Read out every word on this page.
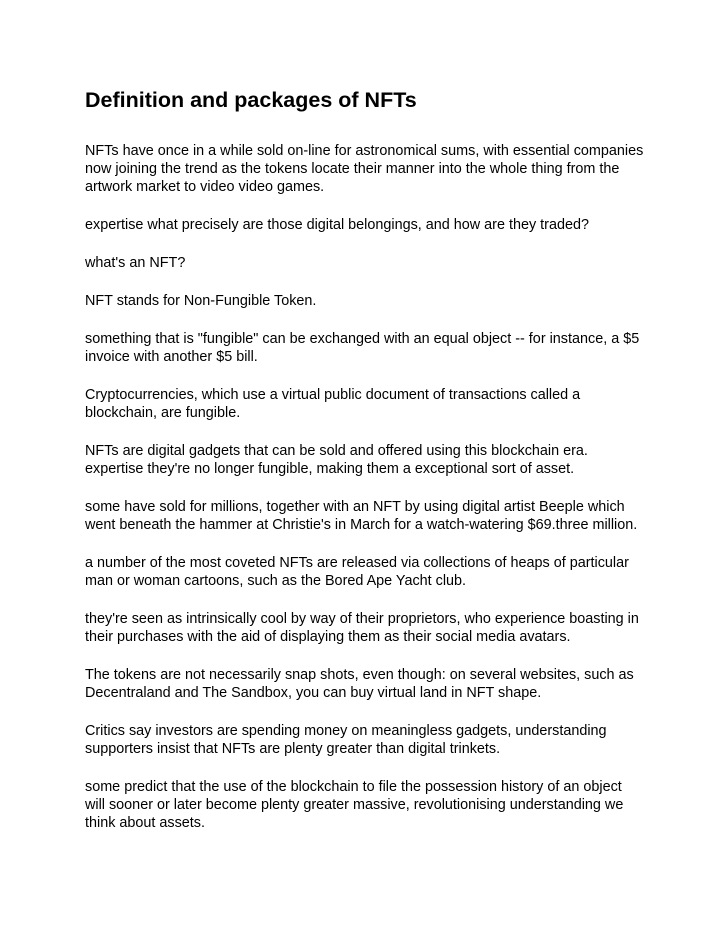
Definition and packages of NFTs

NFTs have once in a while sold on-line for astronomical sums, with essential companies now joining the trend as the tokens locate their manner into the whole thing from the artwork market to video video games.

expertise what precisely are those digital belongings, and how are they traded?

what's an NFT?

NFT stands for Non-Fungible Token.

something that is "fungible" can be exchanged with an equal object -- for instance, a $5 invoice with another $5 bill.

Cryptocurrencies, which use a virtual public document of transactions called a blockchain, are fungible.

NFTs are digital gadgets that can be sold and offered using this blockchain era. expertise they're no longer fungible, making them a exceptional sort of asset.

some have sold for millions, together with an NFT by using digital artist Beeple which went beneath the hammer at Christie's in March for a watch-watering $69.three million.

a number of the most coveted NFTs are released via collections of heaps of particular man or woman cartoons, such as the Bored Ape Yacht club.

they're seen as intrinsically cool by way of their proprietors, who experience boasting in their purchases with the aid of displaying them as their social media avatars.

The tokens are not necessarily snap shots, even though: on several websites, such as Decentraland and The Sandbox, you can buy virtual land in NFT shape.

Critics say investors are spending money on meaningless gadgets, understanding supporters insist that NFTs are plenty greater than digital trinkets.

some predict that the use of the blockchain to file the possession history of an object will sooner or later become plenty greater massive, revolutionising understanding we think about assets.
